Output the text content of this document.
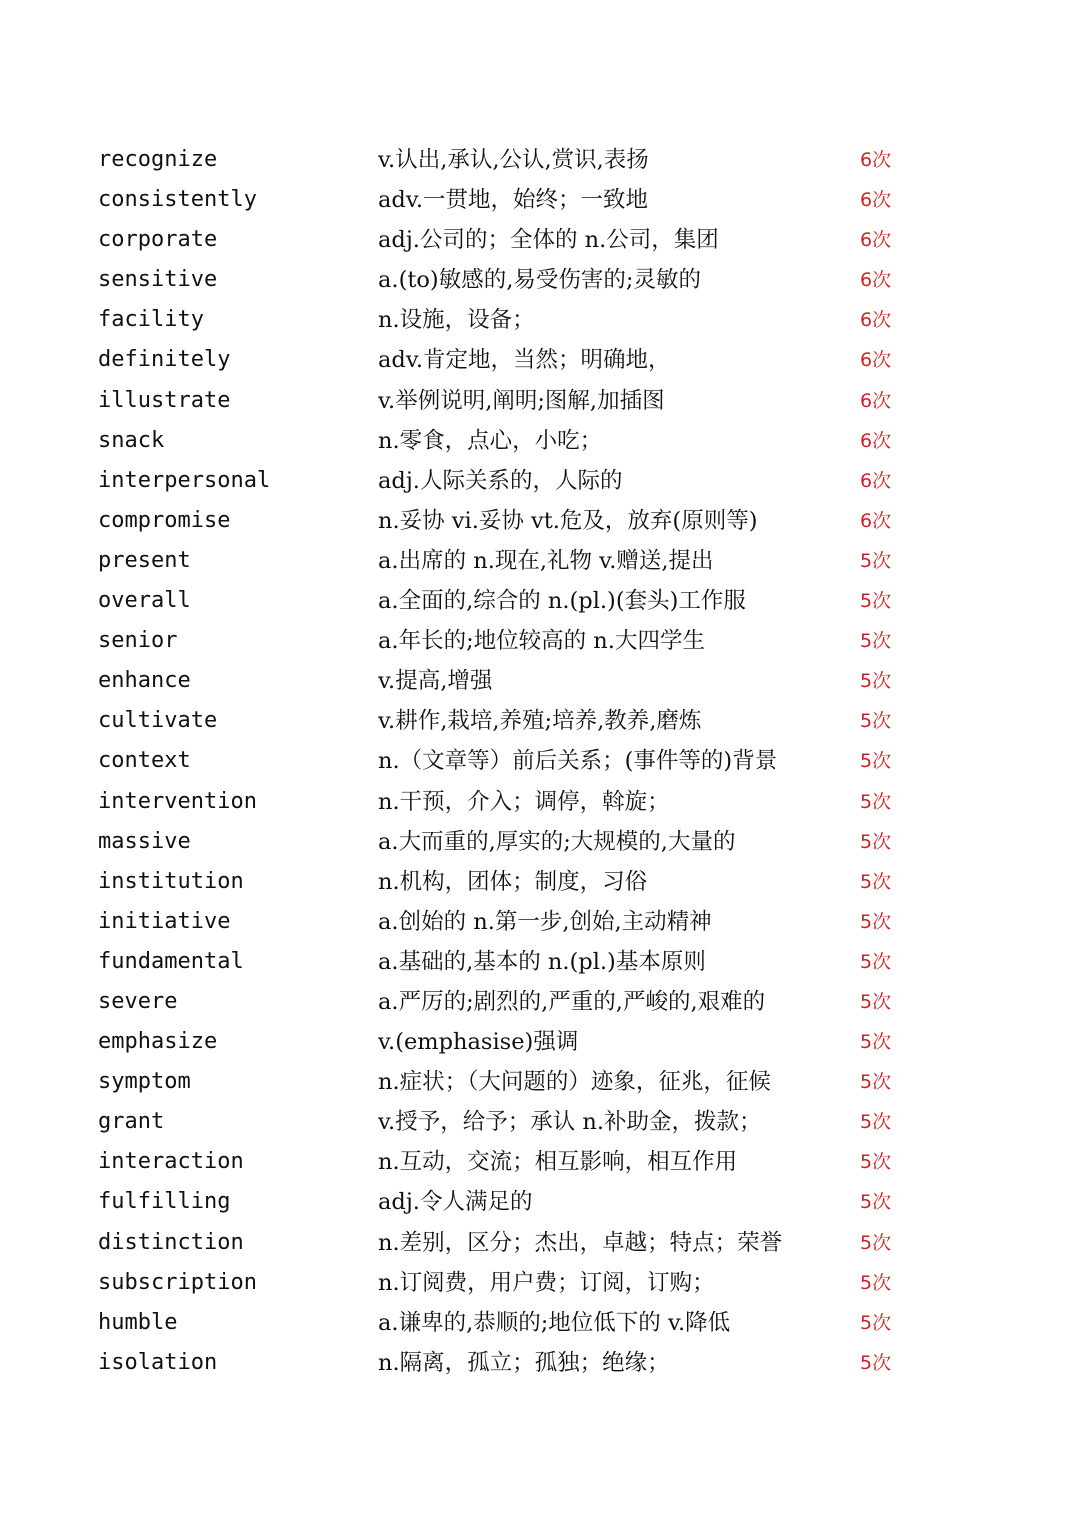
recognize	v.认出,承认,公认,赏识,表扬	6次
consistently	adv.一贯地，始终；一致地	6次
corporate	adj.公司的；全体的 n.公司，集团	6次
sensitive	a.(to)敏感的,易受伤害的;灵敏的	6次
facility	n.设施，设备；	6次
definitely	adv.肯定地，当然；明确地，	6次
illustrate	v.举例说明,阐明;图解,加插图	6次
snack	n.零食，点心，小吃；	6次
interpersonal	adj.人际关系的，人际的	6次
compromise	n.妥协 vi.妥协 vt.危及，放弃(原则等)	6次
present	a.出席的 n.现在,礼物 v.赠送,提出	5次
overall	a.全面的,综合的 n.(pl.)(套头)工作服	5次
senior	a.年长的;地位较高的 n.大四学生	5次
enhance	v.提高,增强	5次
cultivate	v.耕作,栽培,养殖;培养,教养,磨炼	5次
context	n.（文章等）前后关系；(事件等的)背景	5次
intervention	n.干预，介入；调停，斡旋；	5次
massive	a.大而重的,厚实的;大规模的,大量的	5次
institution	n.机构，团体；制度，习俗	5次
initiative	a.创始的 n.第一步,创始,主动精神	5次
fundamental	a.基础的,基本的 n.(pl.)基本原则	5次
severe	a.严厉的;剧烈的,严重的,严峻的,艰难的	5次
emphasize	v.(emphasise)强调	5次
symptom	n.症状；（大问题的）迹象，征兆，征候	5次
grant	v.授予，给予；承认 n.补助金，拨款；	5次
interaction	n.互动，交流；相互影响，相互作用	5次
fulfilling	adj.令人满足的	5次
distinction	n.差别，区分；杰出，卓越；特点；荣誉	5次
subscription	n.订阅费，用户费；订阅，订购；	5次
humble	a.谦卑的,恭顺的;地位低下的 v.降低	5次
isolation	n.隔离，孤立；孤独；绝缘；	5次
